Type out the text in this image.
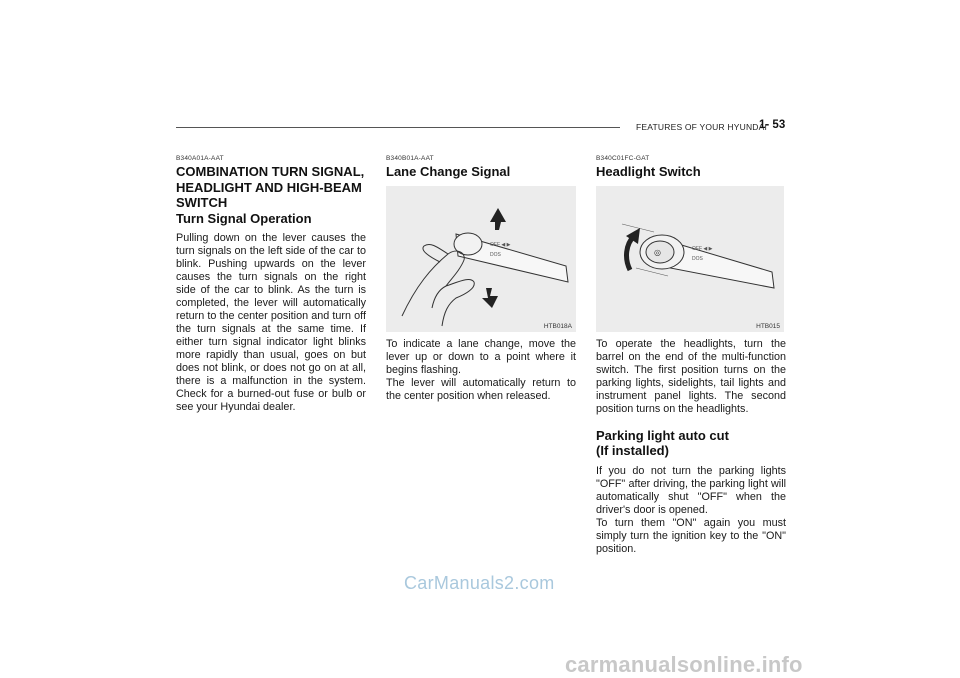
FEATURES OF YOUR HYUNDAI
1- 53
B340A01A-AAT
COMBINATION TURN SIGNAL, HEADLIGHT AND HIGH-BEAM SWITCH
Turn Signal Operation

Pulling down on the lever causes the turn signals on the left side of the car to blink. Pushing upwards on the lever causes the turn signals on the right side of the car to blink. As the turn is completed, the lever will automatically return to the center position and turn off the turn signals at the same time. If either turn signal indicator light blinks more rapidly than usual, goes on but does not blink, or does not go on at all, there is a malfunction in the system. Check for a burned-out fuse or bulb or see your Hyundai dealer.

B340B01A-AAT
Lane Change Signal
OFF ◀ ▶
DOS
HTB018A

To indicate a lane change, move the lever up or down to a point where it begins flashing.

The lever will automatically return to the center position when released.

B340C01FC-GAT
Headlight Switch
◎	OFF ◀ ▶
DOS
HTB015

To operate the headlights, turn the barrel on the end of the multi-function switch. The first position turns on the parking lights, sidelights, tail lights and instrument panel lights. The second position turns on the headlights.

Parking light auto cut
(If installed)

If you do not turn the parking lights "OFF" after driving, the parking light will automatically shut "OFF" when the driver's door is opened.

To turn them "ON" again you must simply turn the ignition key to the "ON" position.

CarManuals2.com
carmanualsonline.info
